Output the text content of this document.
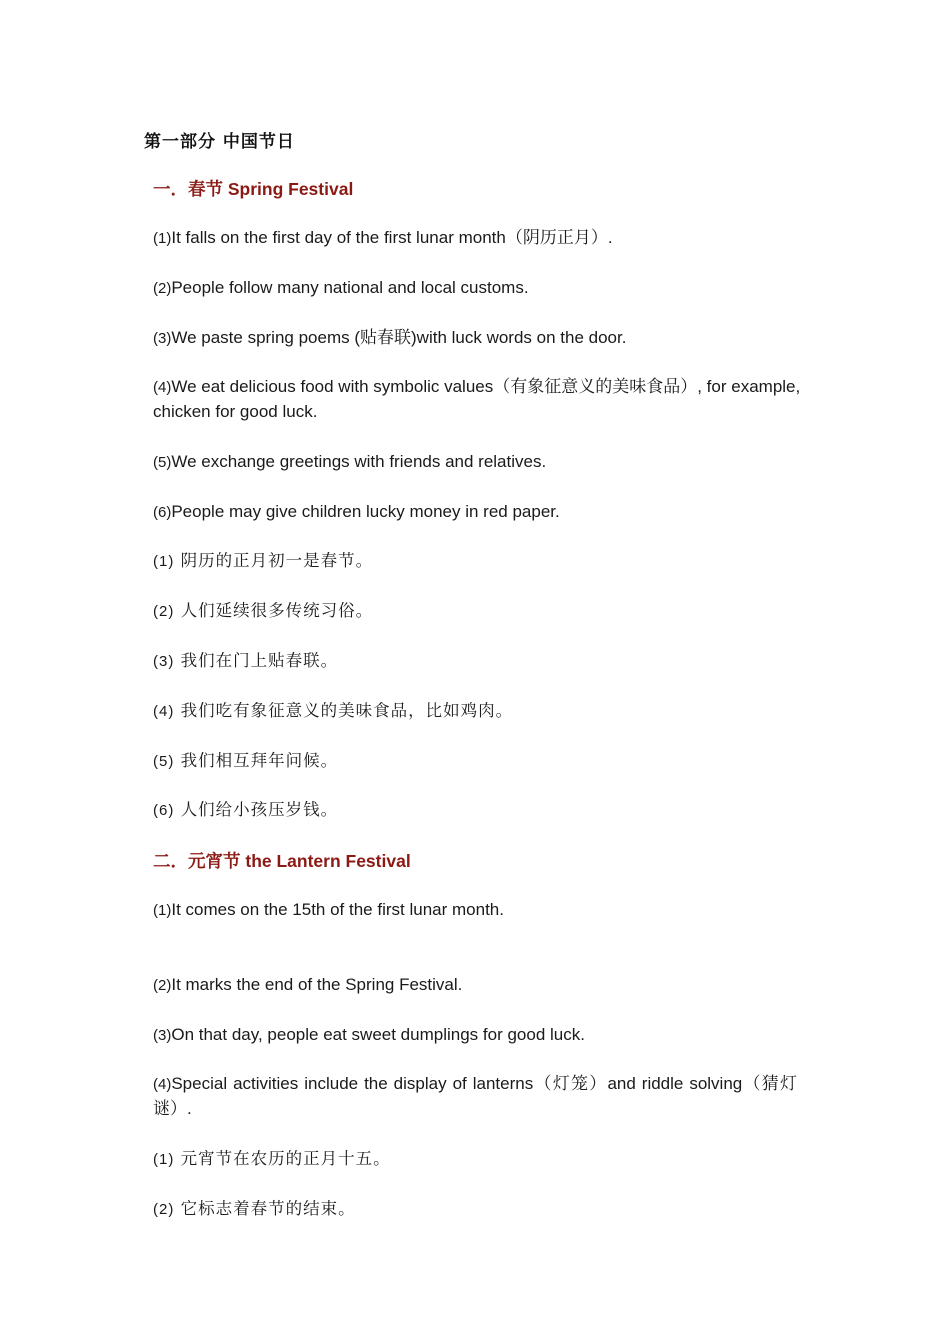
第一部分 中国节日
一．春节 Spring Festival
(1)It falls on the first day of the first lunar month（阴历正月）.
(2)People follow many national and local customs.
(3)We paste spring poems (贴春联)with luck words on the door.
(4)We eat delicious food with symbolic values（有象征意义的美味食品）, for example, chicken for good luck.
(5)We exchange greetings with friends and relatives.
(6)People may give children lucky money in red paper.
(1) 阴历的正月初一是春节。
(2) 人们延续很多传统习俗。
(3) 我们在门上贴春联。
(4) 我们吃有象征意义的美味食品，比如鸡肉。
(5) 我们相互拜年问候。
(6) 人们给小孩压岁钱。
二．元宵节 the Lantern Festival
(1)It comes on the 15th of the first lunar month.
(2)It marks the end of the Spring Festival.
(3)On that day, people eat sweet dumplings for good luck.
(4)Special activities include the display of lanterns（灯笼）and riddle solving（猜灯谜）.
(1) 元宵节在农历的正月十五。
(2) 它标志着春节的结束。
